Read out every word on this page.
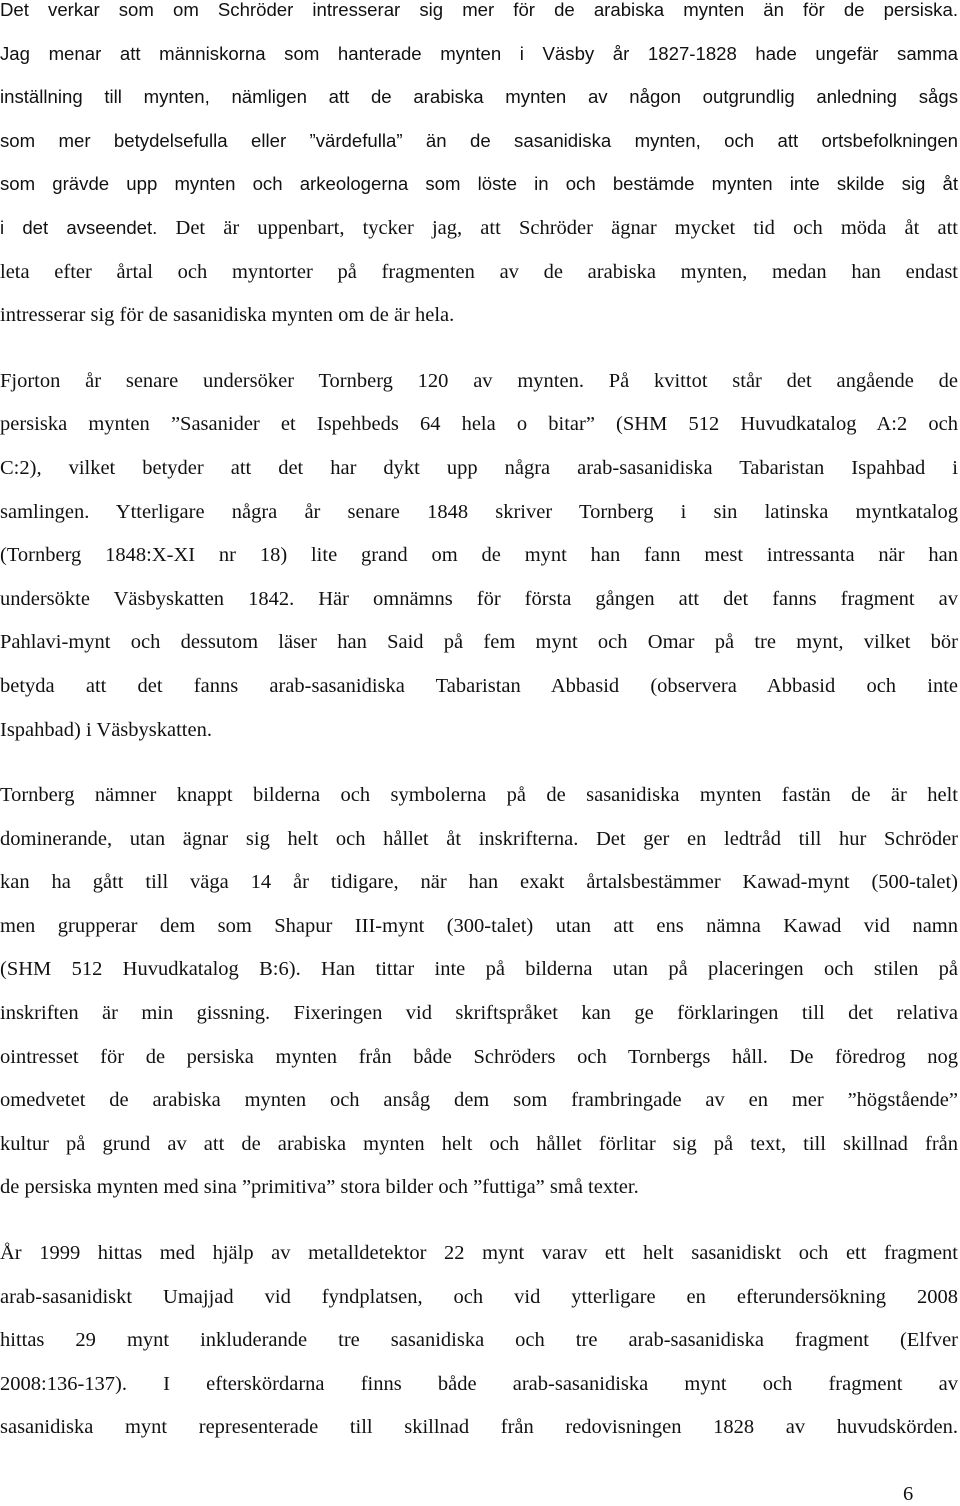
Det verkar som om Schröder intresserar sig mer för de arabiska mynten än för de persiska.
Jag menar att människorna som hanterade mynten i Väsby år 1827-1828 hade ungefär samma
inställning till mynten, nämligen att de arabiska mynten av någon outgrundlig anledning sågs
som mer betydelsefulla eller ”värdefulla” än de sasanidiska mynten, och att ortsbefolkningen
som grävde upp mynten och arkeologerna som löste in och bestämde mynten inte skilde sig åt
i det avseendet. Det är uppenbart, tycker jag, att Schröder ägnar mycket tid och möda åt att
leta efter årtal och myntorter på fragmenten av de arabiska mynten, medan han endast
intresserar sig för de sasanidiska mynten om de är hela.
Fjorton år senare undersöker Tornberg 120 av mynten. På kvittot står det angående de
persiska mynten ”Sasanider et Ispehbeds 64 hela o bitar” (SHM 512 Huvudkatalog A:2 och
C:2), vilket betyder att det har dykt upp några arab-sasanidiska Tabaristan Ispahbad i
samlingen. Ytterligare några år senare 1848 skriver Tornberg i sin latinska myntkatalog
(Tornberg 1848:X-XI nr 18) lite grand om de mynt han fann mest intressanta när han
undersökte Väsbyskatten 1842. Här omnämns för första gången att det fanns fragment av
Pahlavi-mynt och dessutom läser han Said på fem mynt och Omar på tre mynt, vilket bör
betyda att det fanns arab-sasanidiska Tabaristan Abbasid (observera Abbasid och inte
Ispahbad) i Väsbyskatten.
Tornberg nämner knappt bilderna och symbolerna på de sasanidiska mynten fastän de är helt
dominerande, utan ägnar sig helt och hållet åt inskrifterna. Det ger en ledtråd till hur Schröder
kan ha gått till väga 14 år tidigare, när han exakt årtalsbestämmer Kawad-mynt (500-talet)
men grupperar dem som Shapur III-mynt (300-talet) utan att ens nämna Kawad vid namn
(SHM 512 Huvudkatalog B:6). Han tittar inte på bilderna utan på placeringen och stilen på
inskriften är min gissning. Fixeringen vid skriftspråket kan ge förklaringen till det relativa
ointresset för de persiska mynten från både Schröders och Tornbergs håll. De föredrog nog
omedvetet de arabiska mynten och ansåg dem som frambringade av en mer ”högstående”
kultur på grund av att de arabiska mynten helt och hållet förlitar sig på text, till skillnad från
de persiska mynten med sina ”primitiva” stora bilder och ”futtiga” små texter.
År 1999 hittas med hjälp av metalldetektor 22 mynt varav ett helt sasanidiskt och ett fragment
arab-sasanidiskt Umajjad vid fyndplatsen, och vid ytterligare en efterundersökning 2008
hittas 29 mynt inkluderande tre sasanidiska och tre arab-sasanidiska fragment (Elfver
2008:136-137). I efterskördarna finns både arab-sasanidiska mynt och fragment av
sasanidiska mynt representerade till skillnad från redovisningen 1828 av huvudskörden.

6
